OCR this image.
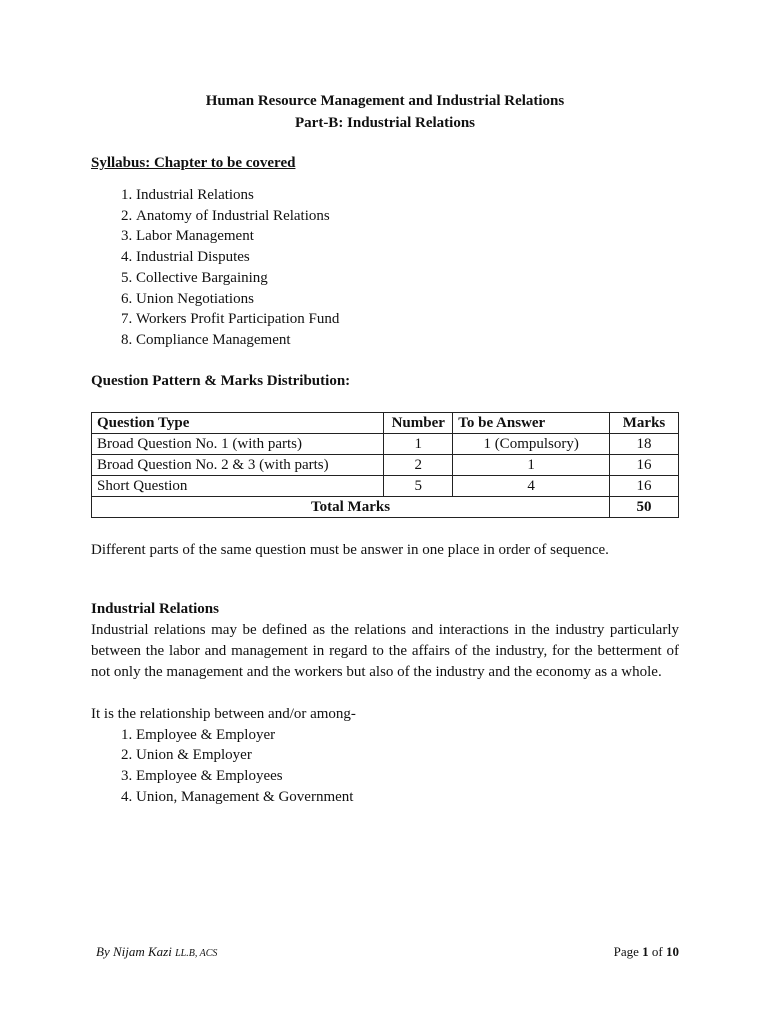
Human Resource Management and Industrial Relations

Part-B: Industrial Relations

Syllabus: Chapter to be covered
1. Industrial Relations
2. Anatomy of Industrial Relations
3. Labor Management
4. Industrial Disputes
5. Collective Bargaining
6. Union Negotiations
7. Workers Profit Participation Fund
8. Compliance Management
Question Pattern & Marks Distribution:
Question Type	Number	To be Answer	Marks
Broad Question No. 1 (with parts)	1	1 (Compulsory)	18
Broad Question No. 2 & 3 (with parts)	2	1	16
Short Question	5	4	16
Total Marks			50

Different parts of the same question must be answer in one place in order of sequence.

Industrial Relations

Industrial relations may be defined as the relations and interactions in the industry particularly between the labor and management in regard to the affairs of the industry, for the betterment of not only the management and the workers but also of the industry and the economy as a whole.

It is the relationship between and/or among-

1. Employee & Employer
2. Union & Employer
3. Employee & Employees
4. Union, Management & Government
By Nijam Kazi LL.B, ACS	Page 1 of 10
